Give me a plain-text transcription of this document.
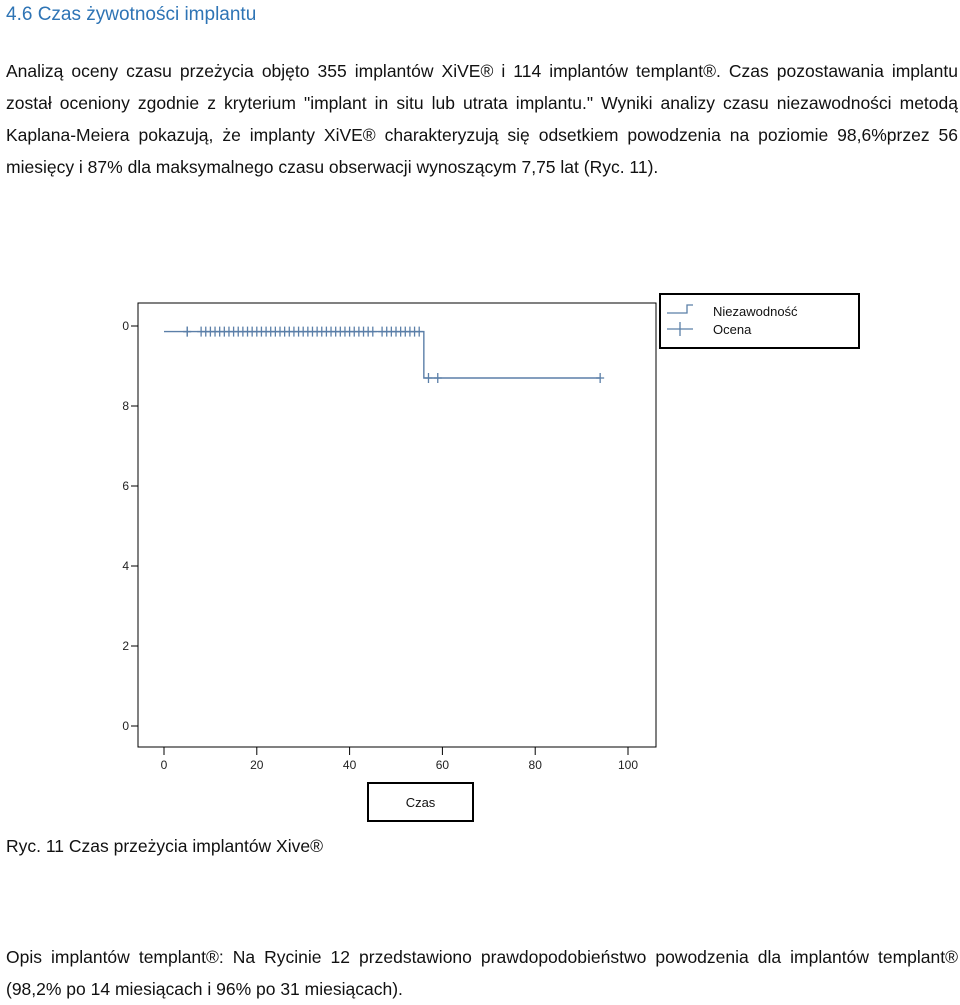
4.6 Czas żywotności implantu

Analizą oceny czasu przeżycia objęto 355 implantów XiVE® i 114 implantów templant®. Czas pozostawania implantu został oceniony zgodnie z kryterium "implant in situ lub utrata implantu." Wyniki analizy czasu niezawodności metodą Kaplana-Meiera pokazują, że implanty XiVE® charakteryzują się odsetkiem powodzenia na poziomie 98,6%przez 56 miesięcy i 87% dla maksymalnego czasu obserwacji wynoszącym 7,75 lat (Ryc. 11).

0
2
4
6
8
0
0	20	40	60	80	100
Niezawodność
Ocena
Czas

Ryc. 11 Czas przeżycia implantów Xive®

Opis implantów templant®: Na Rycinie 12 przedstawiono prawdopodobieństwo powodzenia dla implantów templant® (98,2% po 14 miesiącach i 96% po 31 miesiącach).
